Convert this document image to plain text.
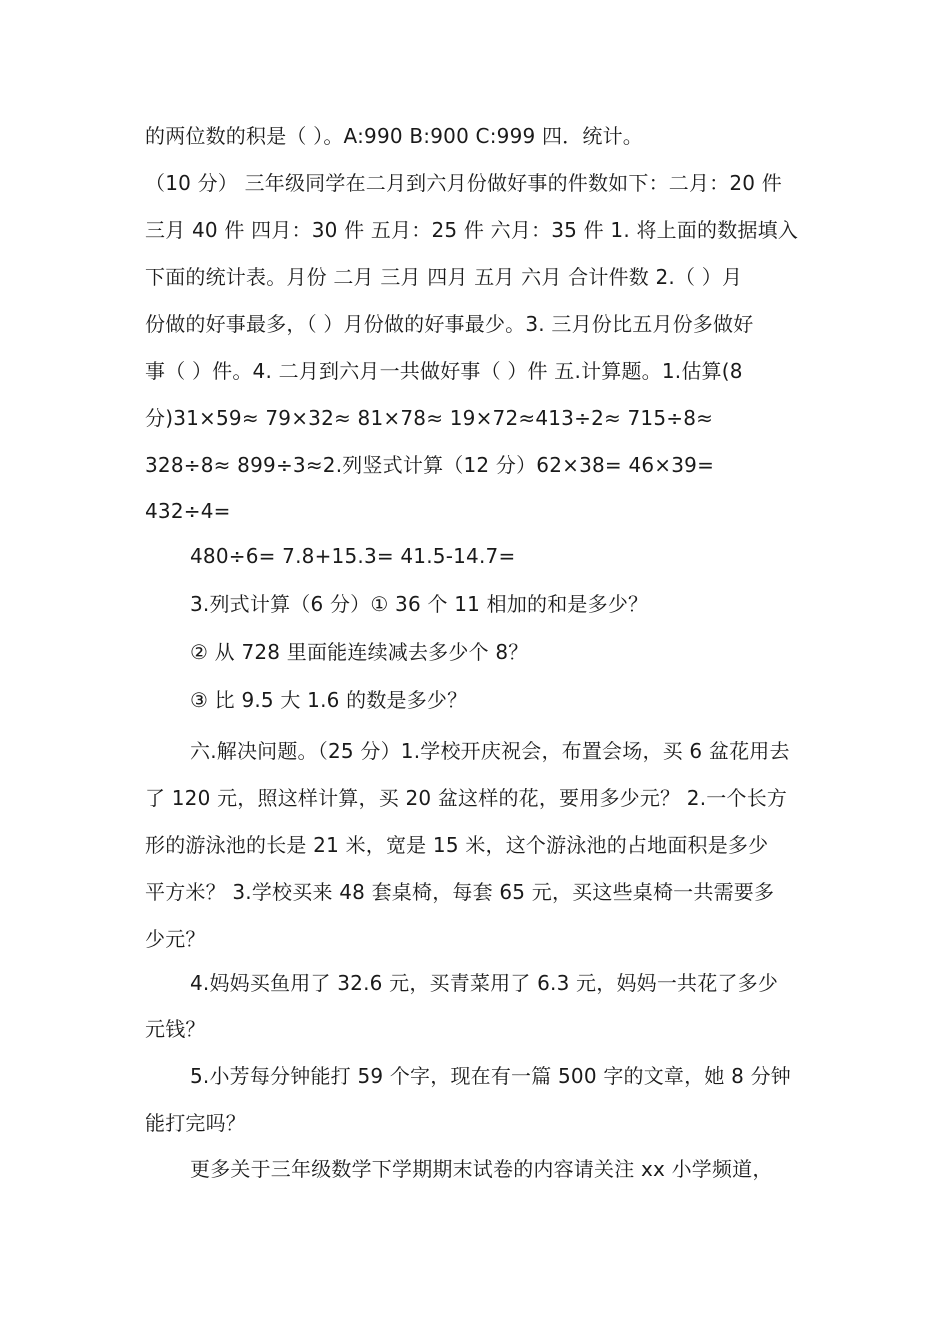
的两位数的积是（ ）。A:990 B:900 C:999 四．统计。
（10 分） 三年级同学在二月到六月份做好事的件数如下：二月：20 件
三月 40 件 四月：30 件 五月：25 件 六月：35 件 1. 将上面的数据填入
下面的统计表。月份 二月 三月 四月 五月 六月 合计件数 2.（ ）月
份做的好事最多，（ ）月份做的好事最少。3. 三月份比五月份多做好
事（ ）件。4. 二月到六月一共做好事（ ）件 五.计算题。1.估算(8
分)31×59≈ 79×32≈ 81×78≈ 19×72≈413÷2≈ 715÷8≈
328÷8≈ 899÷3≈2.列竖式计算（12 分）62×38= 46×39=
432÷4=
480÷6= 7.8+15.3= 41.5-14.7=
3.列式计算（6 分）① 36 个 11 相加的和是多少？
② 从 728 里面能连续减去多少个 8？
③ 比 9.5 大 1.6 的数是多少？
六.解决问题。（25 分）1.学校开庆祝会，布置会场，买 6 盆花用去
了 120 元，照这样计算，买 20 盆这样的花，要用多少元？ 2.一个长方
形的游泳池的长是 21 米，宽是 15 米，这个游泳池的占地面积是多少
平方米？ 3.学校买来 48 套桌椅，每套 65 元，买这些桌椅一共需要多
少元？
4.妈妈买鱼用了 32.6 元，买青菜用了 6.3 元，妈妈一共花了多少
元钱？
5.小芳每分钟能打 59 个字，现在有一篇 500 字的文章，她 8 分钟
能打完吗？
更多关于三年级数学下学期期末试卷的内容请关注 xx 小学频道，
